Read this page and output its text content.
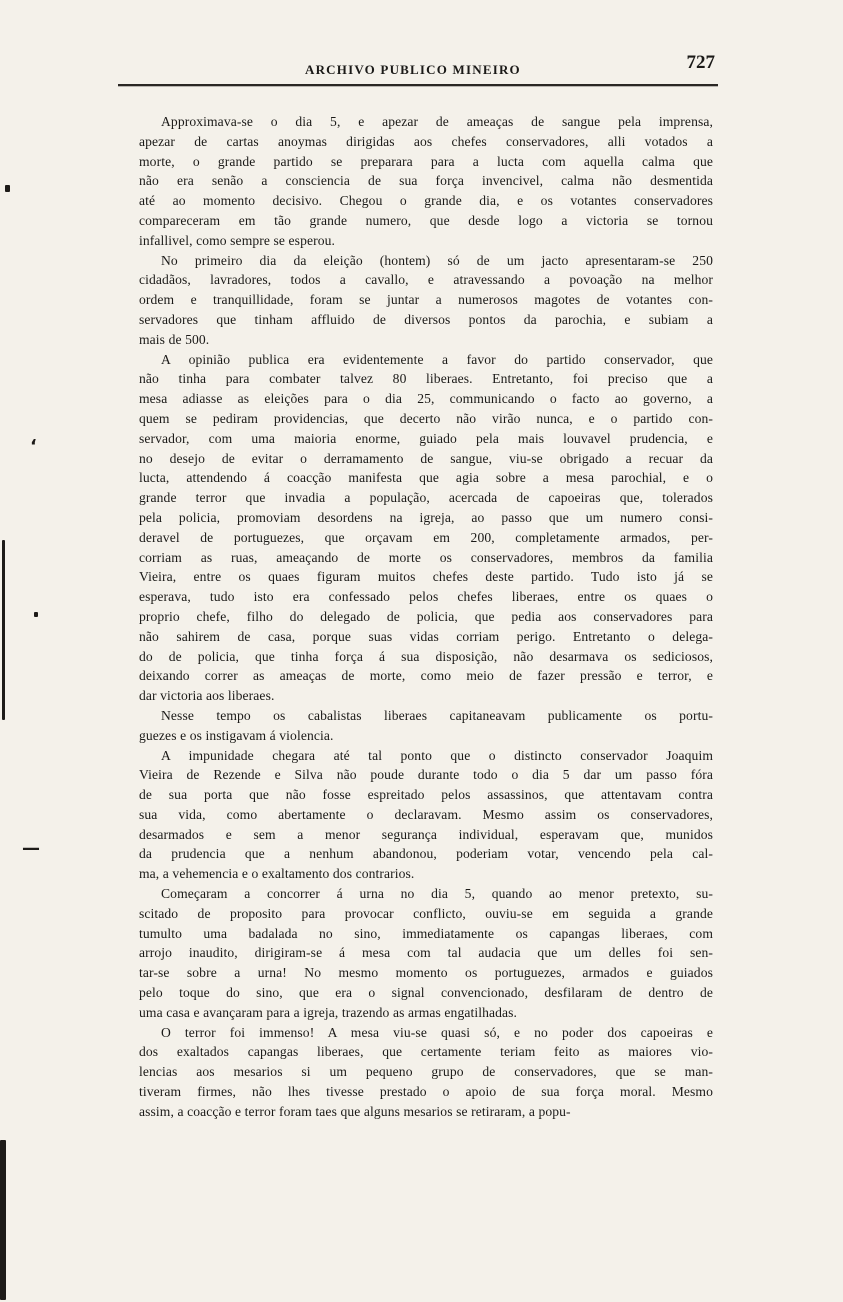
ARCHIVO PUBLICO MINEIRO	727

Approximava-se o dia 5, e apezar de ameaças de sangue pela imprensa,

apezar de cartas anoymas dirigidas aos chefes conservadores, alli votados a

morte, o grande partido se preparara para a lucta com aquella calma que

não era senão a consciencia de sua força invencivel, calma não desmentida

até ao momento decisivo. Chegou o grande dia, e os votantes conservadores

compareceram em tão grande numero, que desde logo a victoria se tornou

infallivel, como sempre se esperou.

No primeiro dia da eleição (hontem) só de um jacto apresentaram-se 250

cidadãos, lavradores, todos a cavallo, e atravessando a povoação na melhor

ordem e tranquillidade, foram se juntar a numerosos magotes de votantes con-

servadores que tinham affluido de diversos pontos da parochia, e subiam a

mais de 500.

A opinião publica era evidentemente a favor do partido conservador, que

não tinha para combater talvez 80 liberaes. Entretanto, foi preciso que a

mesa adiasse as eleições para o dia 25, communicando o facto ao governo, a

quem se pediram providencias, que decerto não virão nunca, e o partido con-

servador, com uma maioria enorme, guiado pela mais louvavel prudencia, e

no desejo de evitar o derramamento de sangue, viu-se obrigado a recuar da

lucta, attendendo á coacção manifesta que agia sobre a mesa parochial, e o

grande terror que invadia a população, acercada de capoeiras que, tolerados

pela policia, promoviam desordens na igreja, ao passo que um numero consi-

deravel de portuguezes, que orçavam em 200, completamente armados, per-

corriam as ruas, ameaçando de morte os conservadores, membros da familia

Vieira, entre os quaes figuram muitos chefes deste partido. Tudo isto já se

esperava, tudo isto era confessado pelos chefes liberaes, entre os quaes o

proprio chefe, filho do delegado de policia, que pedia aos conservadores para

não sahirem de casa, porque suas vidas corriam perigo. Entretanto o delega-

do de policia, que tinha força á sua disposição, não desarmava os sediciosos,

deixando correr as ameaças de morte, como meio de fazer pressão e terror, e

dar victoria aos liberaes.

Nesse tempo os cabalistas liberaes capitaneavam publicamente os portu-

guezes e os instigavam á violencia.

A impunidade chegara até tal ponto que o distincto conservador Joaquim

Vieira de Rezende e Silva não poude durante todo o dia 5 dar um passo fóra

de sua porta que não fosse espreitado pelos assassinos, que attentavam contra

sua vida, como abertamente o declaravam. Mesmo assim os conservadores,

desarmados e sem a menor segurança individual, esperavam que, munidos

da prudencia que a nenhum abandonou, poderiam votar, vencendo pela cal-

ma, a vehemencia e o exaltamento dos contrarios.

Começaram a concorrer á urna no dia 5, quando ao menor pretexto, su-

scitado de proposito para provocar conflicto, ouviu-se em seguida a grande

tumulto uma badalada no sino, immediatamente os capangas liberaes, com

arrojo inaudito, dirigiram-se á mesa com tal audacia que um delles foi sen-

tar-se sobre a urna! No mesmo momento os portuguezes, armados e guiados

pelo toque do sino, que era o signal convencionado, desfilaram de dentro de

uma casa e avançaram para a igreja, trazendo as armas engatilhadas.

O terror foi immenso! A mesa viu-se quasi só, e no poder dos capoeiras e

dos exaltados capangas liberaes, que certamente teriam feito as maiores vio-

lencias aos mesarios si um pequeno grupo de conservadores, que se man-

tiveram firmes, não lhes tivesse prestado o apoio de sua força moral. Mesmo

assim, a coacção e terror foram taes que alguns mesarios se retiraram, a popu-

‘
—
